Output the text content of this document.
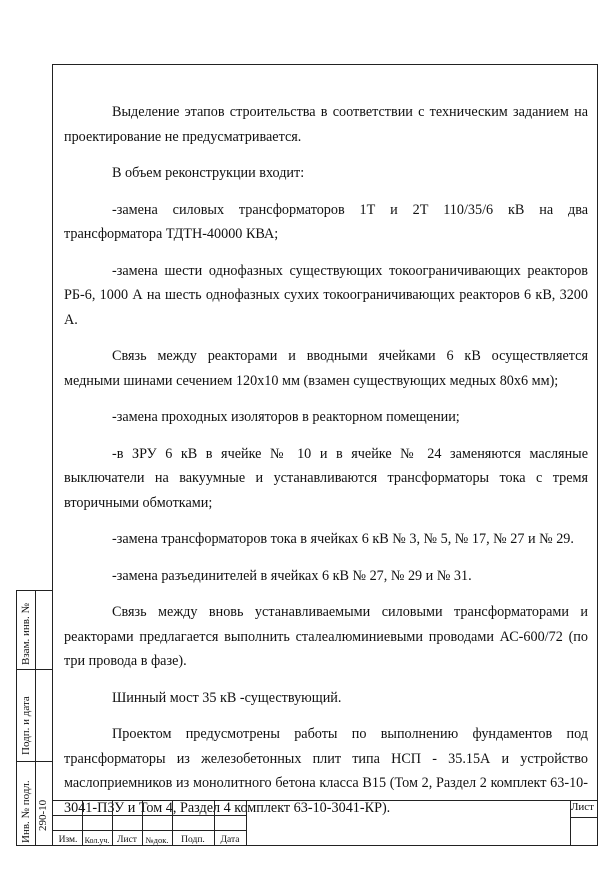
Выделение этапов строительства в соответствии с техническим заданием на проектирование не предусматривается.

В объем реконструкции входит:

-замена силовых трансформаторов 1Т и 2Т 110/35/6 кВ на два трансформатора ТДТН-40000 КВА;

-замена шести однофазных существующих токоограничивающих реакторов РБ-6, 1000 А на шесть однофазных сухих токоограничивающих реакторов 6 кВ, 3200 А.

Связь между реакторами и вводными ячейками 6 кВ осуществляется медными шинами сечением 120х10 мм (взамен существующих медных 80х6 мм);

-замена проходных изоляторов в реакторном помещении;

-в ЗРУ 6 кВ в ячейке № 10 и в ячейке № 24 заменяются масляные выключатели на вакуумные и устанавливаются трансформаторы тока с тремя вторичными обмотками;

-замена трансформаторов тока в ячейках 6 кВ № 3, № 5, № 17, № 27 и № 29.

-замена разъединителей в ячейках 6 кВ № 27, № 29 и № 31.

Связь между вновь устанавливаемыми силовыми трансформаторами и реакторами предлагается выполнить сталеалюминиевыми проводами АС-600/72 (по три провода в фазе).

Шинный мост 35 кВ -существующий.

Проектом предусмотрены работы по выполнению фундаментов под трансформаторы из железобетонных плит типа НСП - 35.15А и устройство маслоприемников из монолитного бетона класса В15 (Том 2, Раздел 2 комплект 63-10-3041-ПЗУ и Том 4, Раздел 4 комплект 63-10-3041-КР).

Взам. инв. №
Подп. и дата
Инв. № подл. 290-10
Изм. Кол.уч. Лист	№док.	Подп.	Дата
Лист
